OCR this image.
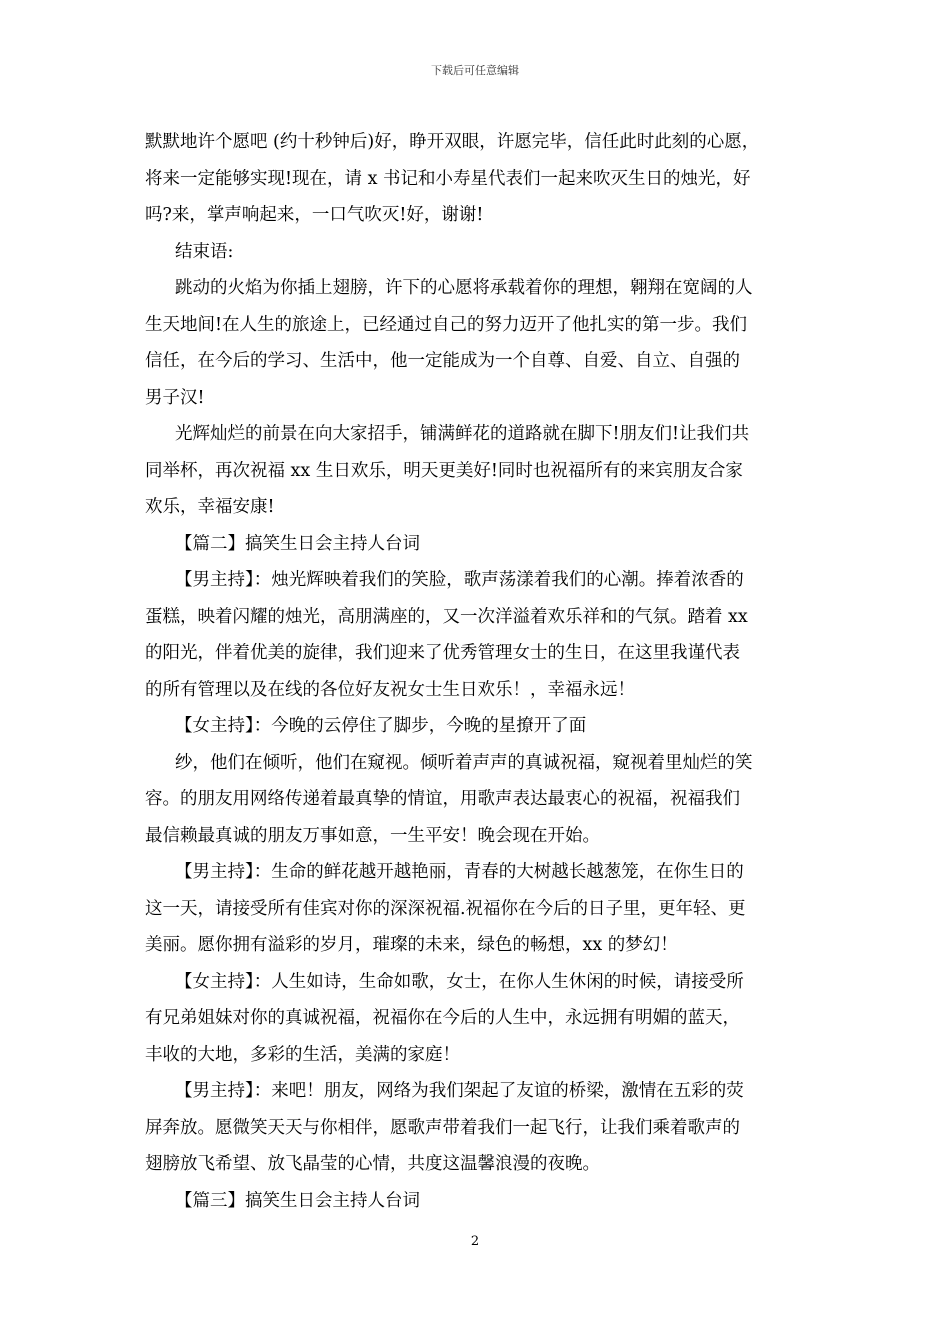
下载后可任意编辑
默默地许个愿吧 (约十秒钟后)好，睁开双眼，许愿完毕，信任此时此刻的心愿，
将来一定能够实现!现在，请 x 书记和小寿星代表们一起来吹灭生日的烛光，好
吗?来，掌声响起来，一口气吹灭!好，谢谢!
结束语:
跳动的火焰为你插上翅膀，许下的心愿将承载着你的理想，翱翔在宽阔的人
生天地间!在人生的旅途上，已经通过自己的努力迈开了他扎实的第一步。我们
信任，在今后的学习、生活中，他一定能成为一个自尊、自爱、自立、自强的
男子汉!
光辉灿烂的前景在向大家招手，铺满鲜花的道路就在脚下!朋友们!让我们共
同举杯，再次祝福 xx 生日欢乐，明天更美好!同时也祝福所有的来宾朋友合家
欢乐，幸福安康!
【篇二】搞笑生日会主持人台词
【男主持】：烛光辉映着我们的笑脸，歌声荡漾着我们的心潮。捧着浓香的
蛋糕，映着闪耀的烛光，高朋满座的，又一次洋溢着欢乐祥和的气氛。踏着 xx
的阳光，伴着优美的旋律，我们迎来了优秀管理女士的生日，在这里我谨代表
的所有管理以及在线的各位好友祝女士生日欢乐！，幸福永远！
【女主持】：今晚的云停住了脚步，今晚的星撩开了面
纱，他们在倾听，他们在窥视。倾听着声声的真诚祝福，窥视着里灿烂的笑
容。的朋友用网络传递着最真挚的情谊，用歌声表达最衷心的祝福，祝福我们
最信赖最真诚的朋友万事如意，一生平安！晚会现在开始。
【男主持】：生命的鲜花越开越艳丽，青春的大树越长越葱笼，在你生日的
这一天，请接受所有佳宾对你的深深祝福.祝福你在今后的日子里，更年轻、更
美丽。愿你拥有溢彩的岁月，璀璨的未来，绿色的畅想，xx 的梦幻！
【女主持】：人生如诗，生命如歌，女士，在你人生休闲的时候，请接受所
有兄弟姐妹对你的真诚祝福，祝福你在今后的人生中，永远拥有明媚的蓝天，
丰收的大地，多彩的生活，美满的家庭！
【男主持】：来吧！朋友，网络为我们架起了友谊的桥梁，激情在五彩的荧
屏奔放。愿微笑天天与你相伴，愿歌声带着我们一起飞行，让我们乘着歌声的
翅膀放飞希望、放飞晶莹的心情，共度这温馨浪漫的夜晚。
【篇三】搞笑生日会主持人台词
2
